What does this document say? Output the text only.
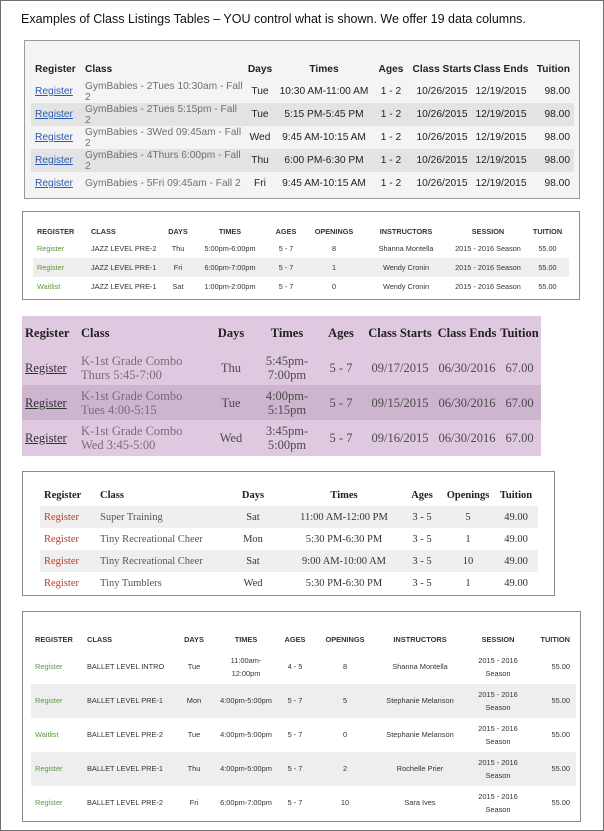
Examples of Class Listings Tables – YOU control what is shown. We offer 19 data columns.
Register	Class	Days	Times	Ages	Class Starts	Class Ends	Tuition
Register	GymBabies - 2Tues 10:30am - Fall 2	Tue	10:30 AM-11:00 AM	1 - 2	10/26/2015	12/19/2015	98.00
Register	GymBabies - 2Tues 5:15pm - Fall 2	Tue	5:15 PM-5:45 PM	1 - 2	10/26/2015	12/19/2015	98.00
Register	GymBabies - 3Wed 09:45am - Fall 2	Wed	9:45 AM-10:15 AM	1 - 2	10/26/2015	12/19/2015	98.00
Register	GymBabies - 4Thurs 6:00pm - Fall 2	Thu	6:00 PM-6:30 PM	1 - 2	10/26/2015	12/19/2015	98.00
Register	GymBabies - 5Fri 09:45am - Fall 2	Fri	9:45 AM-10:15 AM	1 - 2	10/26/2015	12/19/2015	98.00
REGISTER	CLASS	DAYS	TIMES	AGES	OPENINGS	INSTRUCTORS	SESSION	TUITION
Register	JAZZ LEVEL PRE-2	Thu	5:00pm-6:00pm	5 - 7	8	Shanna Montella	2015 - 2016 Season	55.00
Register	JAZZ LEVEL PRE-1	Fri	6:00pm-7:00pm	5 - 7	1	Wendy Cronin	2015 - 2016 Season	55.00
Waitlist	JAZZ LEVEL PRE-1	Sat	1:00pm-2:00pm	5 - 7	0	Wendy Cronin	2015 - 2016 Season	55.00
Register	Class	Days	Times	Ages	Class Starts	Class Ends	Tuition
Register	K-1st Grade Combo Thurs 5:45-7:00	Thu	5:45pm-7:00pm	5 - 7	09/17/2015	06/30/2016	67.00
Register	K-1st Grade Combo Tues 4:00-5:15	Tue	4:00pm-5:15pm	5 - 7	09/15/2015	06/30/2016	67.00
Register	K-1st Grade Combo Wed 3:45-5:00	Wed	3:45pm-5:00pm	5 - 7	09/16/2015	06/30/2016	67.00
Register	Class	Days	Times	Ages	Openings	Tuition
Register	Super Training	Sat	11:00 AM-12:00 PM	3 - 5	5	49.00
Register	Tiny Recreational Cheer	Mon	5:30 PM-6:30 PM	3 - 5	1	49.00
Register	Tiny Recreational Cheer	Sat	9:00 AM-10:00 AM	3 - 5	10	49.00
Register	Tiny Tumblers	Wed	5:30 PM-6:30 PM	3 - 5	1	49.00
REGISTER	CLASS	DAYS	TIMES	AGES	OPENINGS	INSTRUCTORS	SESSION	TUITION
Register	BALLET LEVEL INTRO	Tue	11:00am-12:00pm	4 - 5	8	Shanna Montella	2015 - 2016 Season	55.00
Register	BALLET LEVEL PRE-1	Mon	4:00pm-5:00pm	5 - 7	5	Stephanie Melanson	2015 - 2016 Season	55.00
Waitlist	BALLET LEVEL PRE-2	Tue	4:00pm-5:00pm	5 - 7	0	Stephanie Melanson	2015 - 2016 Season	55.00
Register	BALLET LEVEL PRE-1	Thu	4:00pm-5:00pm	5 - 7	2	Rochelle Prier	2015 - 2016 Season	55.00
Register	BALLET LEVEL PRE-2	Fri	6:00pm-7:00pm	5 - 7	10	Sara Ives	2015 - 2016 Season	55.00
